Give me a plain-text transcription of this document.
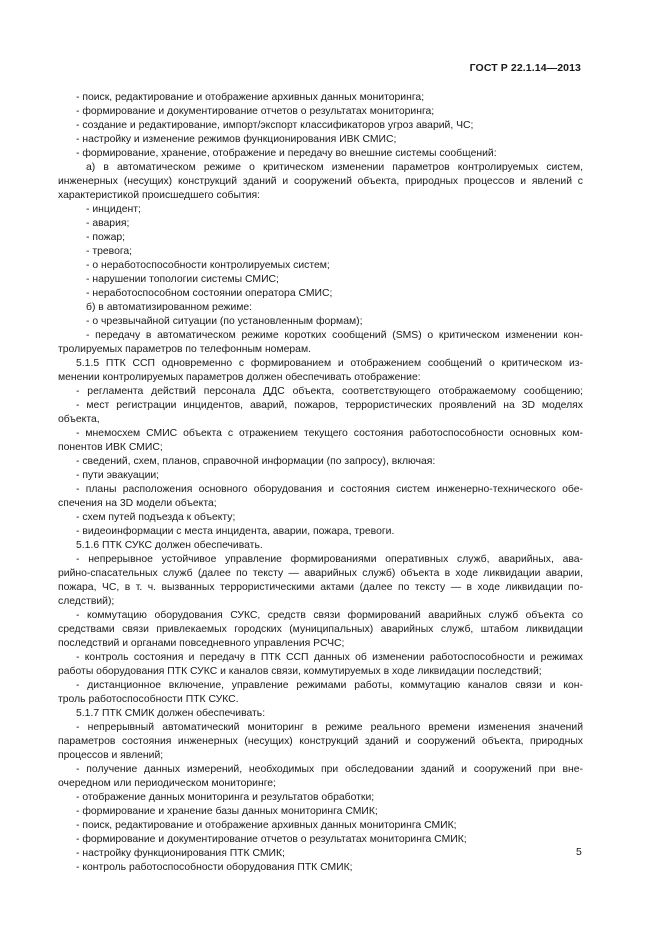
ГОСТ Р 22.1.14—2013
- поиск, редактирование и отображение архивных данных мониторинга;
- формирование и документирование отчетов о результатах мониторинга;
- создание и редактирование, импорт/экспорт классификаторов угроз аварий, ЧС;
- настройку и изменение режимов функционирования ИВК СМИС;
- формирование, хранение, отображение и передачу во внешние системы сообщений:
а) в автоматическом режиме о критическом изменении параметров контролируемых систем,
инженерных (несущих) конструкций зданий и сооружений объекта, природных процессов и явлений с
характеристикой происшедшего события:
- инцидент;
- авария;
- пожар;
- тревога;
- о неработоспособности контролируемых систем;
- нарушении топологии системы СМИС;
- неработоспособном состоянии оператора СМИС;
б) в автоматизированном режиме:
- о чрезвычайной ситуации (по установленным формам);
- передачу в автоматическом режиме коротких сообщений (SMS) о критическом изменении кон-
тролируемых параметров по телефонным номерам.
5.1.5 ПТК ССП одновременно с формированием и отображением сообщений о критическом из-
менении контролируемых параметров должен обеспечивать отображение:
- регламента действий персонала ДДС объекта, соответствующего отображаемому сообщению;
- мест регистрации инцидентов, аварий, пожаров, террористических проявлений на 3D моделях
объекта,
- мнемосхем СМИС объекта с отражением текущего состояния работоспособности основных ком-
понентов ИВК СМИС;
- сведений, схем, планов, справочной информации (по запросу), включая:
- пути эвакуации;
- планы расположения основного оборудования и состояния систем инженерно-технического обе-
спечения на 3D модели объекта;
- схем путей подъезда к объекту;
- видеоинформации с места инцидента, аварии, пожара, тревоги.
5.1.6 ПТК СУКС должен обеспечивать.
- непрерывное устойчивое управление формированиями оперативных служб, аварийных, ава-
рийно-спасательных служб (далее по тексту — аварийных служб) объекта в ходе ликвидации аварии,
пожара, ЧС, в т. ч. вызванных террористическими актами (далее по тексту — в ходе ликвидации по-
следствий);
- коммутацию оборудования СУКС, средств связи формирований аварийных служб объекта со
средствами связи привлекаемых городских (муниципальных) аварийных служб, штабом ликвидации
последствий и органами повседневного управления РСЧС;
- контроль состояния и передачу в ПТК ССП данных об изменении работоспособности и режимах
работы оборудования ПТК СУКС и каналов связи, коммутируемых в ходе ликвидации последствий;
- дистанционное включение, управление режимами работы, коммутацию каналов связи и кон-
троль работоспособности ПТК СУКС.
5.1.7 ПТК СМИК должен обеспечивать:
- непрерывный автоматический мониторинг в режиме реального времени изменения значений
параметров состояния инженерных (несущих) конструкций зданий и сооружений объекта, природных
процессов и явлений;
- получение данных измерений, необходимых при обследовании зданий и сооружений при вне-
очередном или периодическом мониторинге;
- отображение данных мониторинга и результатов обработки;
- формирование и хранение базы данных мониторинга СМИК;
- поиск, редактирование и отображение архивных данных мониторинга СМИК;
- формирование и документирование отчетов о результатах мониторинга СМИК;
- настройку функционирования ПТК СМИК;
- контроль работоспособности оборудования ПТК СМИК;
5
